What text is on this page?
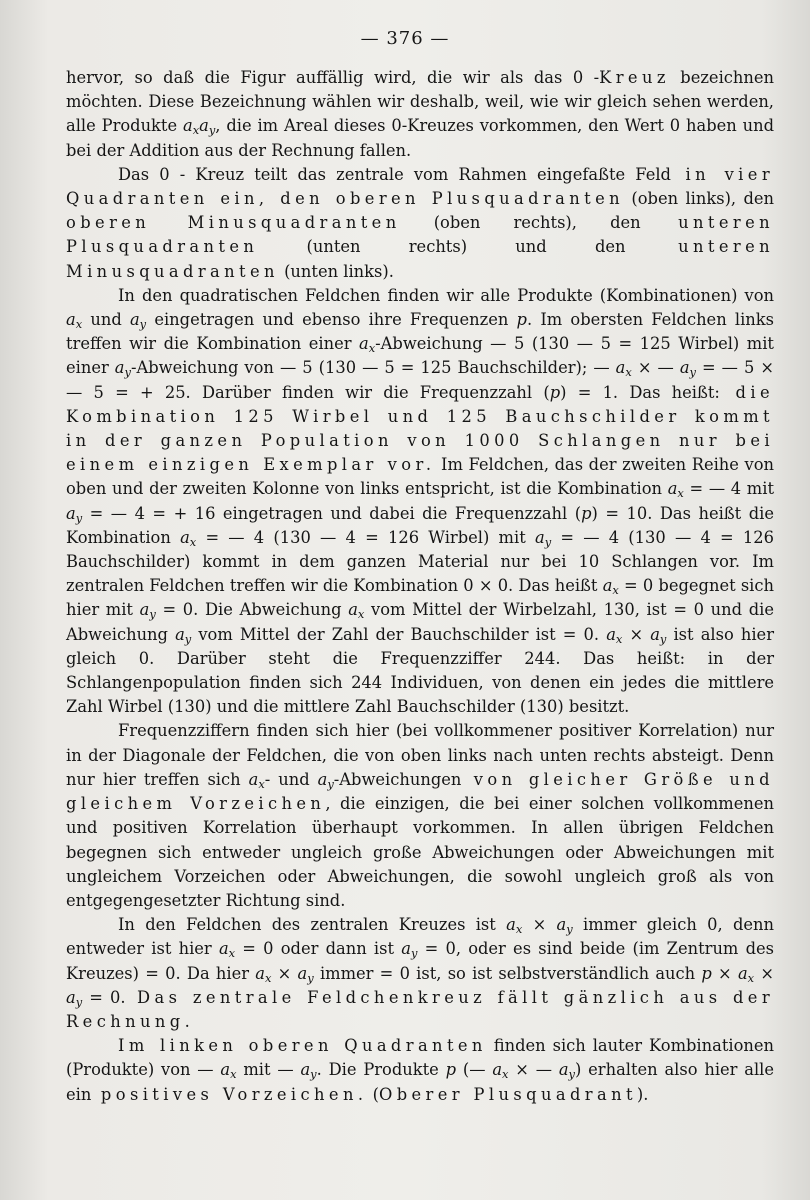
— 376 —

hervor, so daß die Figur auffällig wird, die wir als das 0 -Kreuz bezeichnen möchten. Diese Bezeichnung wählen wir deshalb, weil, wie wir gleich sehen werden, alle Produkte $a_xa_y$, die im Areal dieses 0-Kreuzes vorkommen, den Wert 0 haben und bei der Addition aus der Rechnung fallen.

Das 0 - Kreuz teilt das zentrale vom Rahmen eingefaßte Feld in vier Quadranten ein, den oberen Plusquadranten (oben links), den oberen Minusquadranten (oben rechts), den unteren Plusquadranten (unten rechts) und den unteren Minusquadranten (unten links).

In den quadratischen Feldchen finden wir alle Produkte (Kombinationen) von $a_x$ und $a_y$ eingetragen und ebenso ihre Frequenzen p. Im obersten Feldchen links treffen wir die Kombination einer $a_x$-Abweichung — 5 (130 — 5 = 125 Wirbel) mit einer $a_y$-Abweichung von — 5 (130 — 5 = 125 Bauchschilder); — $a_x$ × — $a_y$ = — 5 × — 5 = + 25. Darüber finden wir die Frequenzzahl (p) = 1. Das heißt: die Kombination 125 Wirbel und 125 Bauchschilder kommt in der ganzen Population von 1000 Schlangen nur bei einem einzigen Exemplar vor. Im Feldchen, das der zweiten Reihe von oben und der zweiten Kolonne von links entspricht, ist die Kombination $a_x$ = — 4 mit $a_y$ = — 4 = + 16 eingetragen und dabei die Frequenzzahl (p) = 10. Das heißt die Kombination $a_x$ = — 4 (130 — 4 = 126 Wirbel) mit $a_y$ = — 4 (130 — 4 = 126 Bauchschilder) kommt in dem ganzen Material nur bei 10 Schlangen vor. Im zentralen Feldchen treffen wir die Kombination 0 × 0. Das heißt $a_x = 0$ begegnet sich hier mit $a_y = 0$. Die Abweichung $a_x$ vom Mittel der Wirbelzahl, 130, ist = 0 und die Abweichung $a_y$ vom Mittel der Zahl der Bauchschilder ist = 0. $a_x \times a_y$ ist also hier gleich 0. Darüber steht die Frequenzziffer 244. Das heißt: in der Schlangenpopulation finden sich 244 Individuen, von denen ein jedes die mittlere Zahl Wirbel (130) und die mittlere Zahl Bauchschilder (130) besitzt.

Frequenzziffern finden sich hier (bei vollkommener positiver Korrelation) nur in der Diagonale der Feldchen, die von oben links nach unten rechts absteigt. Denn nur hier treffen sich $a_x-$ und $a_y$-Abweichungen von gleicher Größe und gleichem Vorzeichen, die einzigen, die bei einer solchen vollkommenen und positiven Korrelation überhaupt vorkommen. In allen übrigen Feldchen begegnen sich entweder ungleich große Abweichungen oder Abweichungen mit ungleichem Vorzeichen oder Abweichungen, die sowohl ungleich groß als von entgegengesetzter Richtung sind.

In den Feldchen des zentralen Kreuzes ist $a_x \times a_y$ immer gleich 0, denn entweder ist hier $a_x = 0$ oder dann ist $a_y = 0$, oder es sind beide (im Zentrum des Kreuzes) = 0. Da hier $a_x \times a_y$ immer = 0 ist, so ist selbstverständlich auch $p \times a_x \times a_y = 0$. Das zentrale Feldchenkreuz fällt gänzlich aus der Rechnung.

Im linken oberen Quadranten finden sich lauter Kombinationen (Produkte) von — $a_x$ mit — $a_y$. Die Produkte p (— $a_x$ × — $a_y$) erhalten also hier alle ein positives Vorzeichen. (Oberer Plusquadrant).
